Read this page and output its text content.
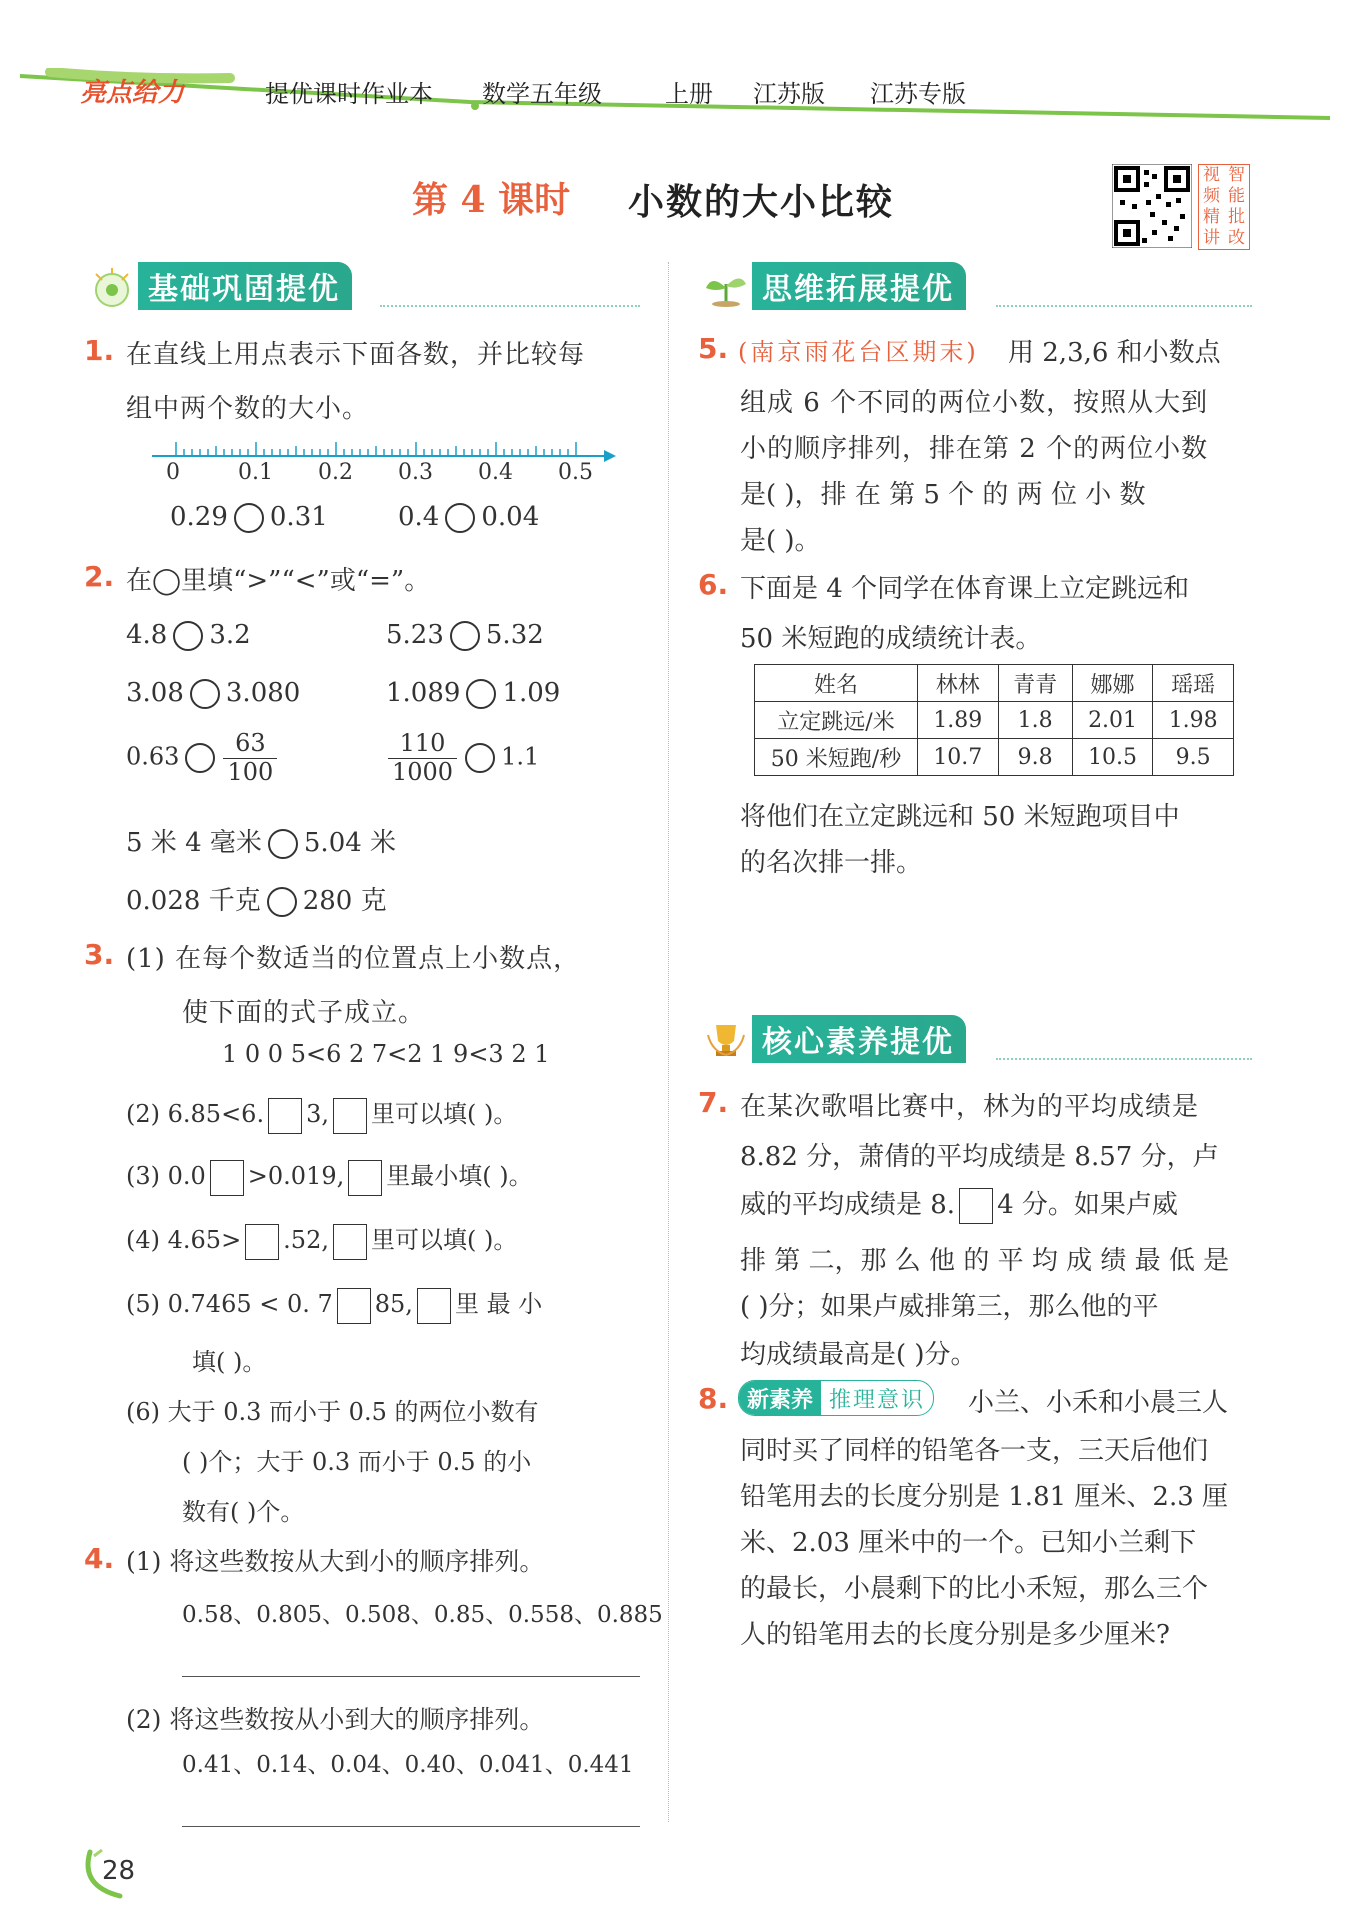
亮点给力	提优课时作业本 数学五年级	上册 江苏版 江苏专版
第 4 课时 小数的大小比较
视 智
频 能
精 批
讲 改
基础巩固提优	思维拓展提优
核心素养提优
1. 在直线上用点表示下面各数，并比较每
组中两个数的大小。
0	0.1 0.2 0.3 0.4 0.5
0.29 0.31	0.4 0.04
2. 在◯里填“>”“<”或“=”。
4.8 3.2	5.23 5.32
3.08 3.080	1.089 1.09
$0.63 \frac{63}{100}$	$\frac{110}{1000} 1.1$
5 米 4 毫米 5.04 米
0.028 千克 280 克
3. (1) 在每个数适当的位置点上小数点，
使下面的式子成立。
1 0 0 5<6 2 7<2 1 9<3 2 1
(2) 6.85<6. 3, 里可以填( )。
(3) 0.0 >0.019, 里最小填( )。
(4) 4.65> .52, 里可以填( )。
(5) 0.7465 < 0. 7 85, 里 最 小
填( )。
(6) 大于 0.3 而小于 0.5 的两位小数有
( )个；大于 0.3 而小于 0.5 的小
数有( )个。
4. (1) 将这些数按从大到小的顺序排列。
0.58、0.805、0.508、0.85、0.558、0.885
(2) 将这些数按从小到大的顺序排列。
0.41、0.14、0.04、0.40、0.041、0.441
5. (南京雨花台区期末) 用 2,3,6 和小数点
组成 6 个不同的两位小数，按照从大到
小的顺序排列，排在第 2 个的两位小数
是( )，排 在 第 5 个 的 两 位 小 数
是( )。
6. 下面是 4 个同学在体育课上立定跳远和
50 米短跑的成绩统计表。
姓名	林林	青青	娜娜	瑶瑶
立定跳远/米	1.89	1.8	2.01	1.98
50 米短跑/秒	10.7	9.8	10.5	9.5
将他们在立定跳远和 50 米短跑项目中
的名次排一排。
7. 在某次歌唱比赛中，林为的平均成绩是
8.82 分，萧倩的平均成绩是 8.57 分，卢
威的平均成绩是 8. 4 分。如果卢威
排 第 二，那 么 他 的 平 均 成 绩 最 低 是
( )分；如果卢威排第三，那么他的平
均成绩最高是( )分。
8. 新素养 推理意识	小兰、小禾和小晨三人
同时买了同样的铅笔各一支，三天后他们
铅笔用去的长度分别是 1.81 厘米、2.3 厘
米、2.03 厘米中的一个。已知小兰剩下
的最长，小晨剩下的比小禾短，那么三个
人的铅笔用去的长度分别是多少厘米?
28
